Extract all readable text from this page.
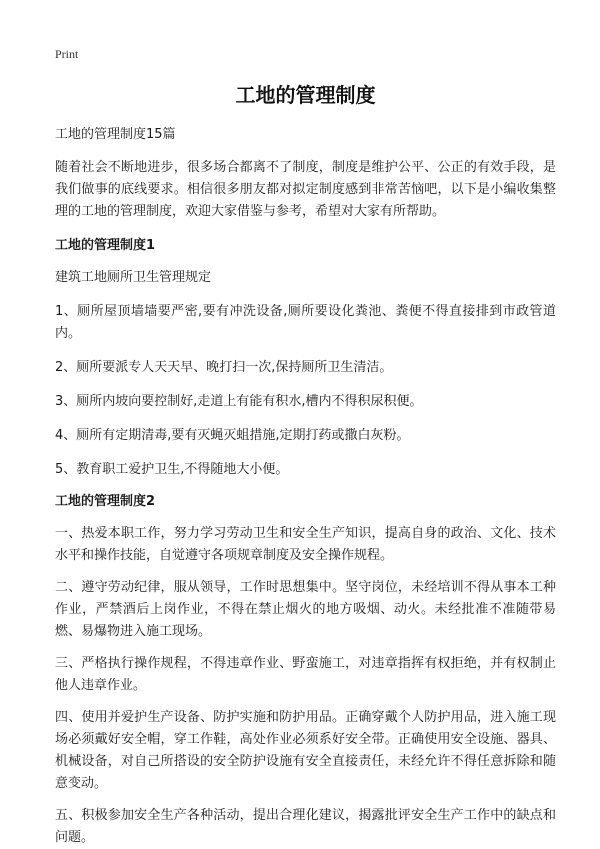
Print
工地的管理制度
工地的管理制度15篇

随着社会不断地进步，很多场合都离不了制度，制度是维护公平、公正的有效手段，是我们做事的底线要求。相信很多朋友都对拟定制度感到非常苦恼吧，以下是小编收集整理的工地的管理制度，欢迎大家借鉴与参考，希望对大家有所帮助。

工地的管理制度1

建筑工地厕所卫生管理规定

1、厕所屋顶墙墙要严密,要有冲洗设备,厕所要设化粪池、粪便不得直接排到市政管道内。

2、厕所要派专人天天早、晚打扫一次,保持厕所卫生清洁。

3、厕所内坡向要控制好,走道上有能有积水,槽内不得积尿积便。

4、厕所有定期清毒,要有灭蝇灭蛆措施,定期打药或撒白灰粉。

5、教育职工爱护卫生,不得随地大小便。

工地的管理制度2

一、热爱本职工作，努力学习劳动卫生和安全生产知识，提高自身的政治、文化、技术水平和操作技能，自觉遵守各项规章制度及安全操作规程。

二、遵守劳动纪律，服从领导，工作时思想集中。坚守岗位，未经培训不得从事本工种作业，严禁酒后上岗作业，不得在禁止烟火的地方吸烟、动火。未经批准不准随带易燃、易爆物进入施工现场。

三、严格执行操作规程，不得违章作业、野蛮施工，对违章指挥有权拒绝，并有权制止他人违章作业。

四、使用并爱护生产设备、防护实施和防护用品。正确穿戴个人防护用品，进入施工现场必须戴好安全帽，穿工作鞋，高处作业必须系好安全带。正确使用安全设施、器具、机械设备，对自己所搭设的安全防护设施有安全直接责任，未经允许不得任意拆除和随意变动。

五、积极参加安全生产各种活动，提出合理化建议，揭露批评安全生产工作中的缺点和问题。
